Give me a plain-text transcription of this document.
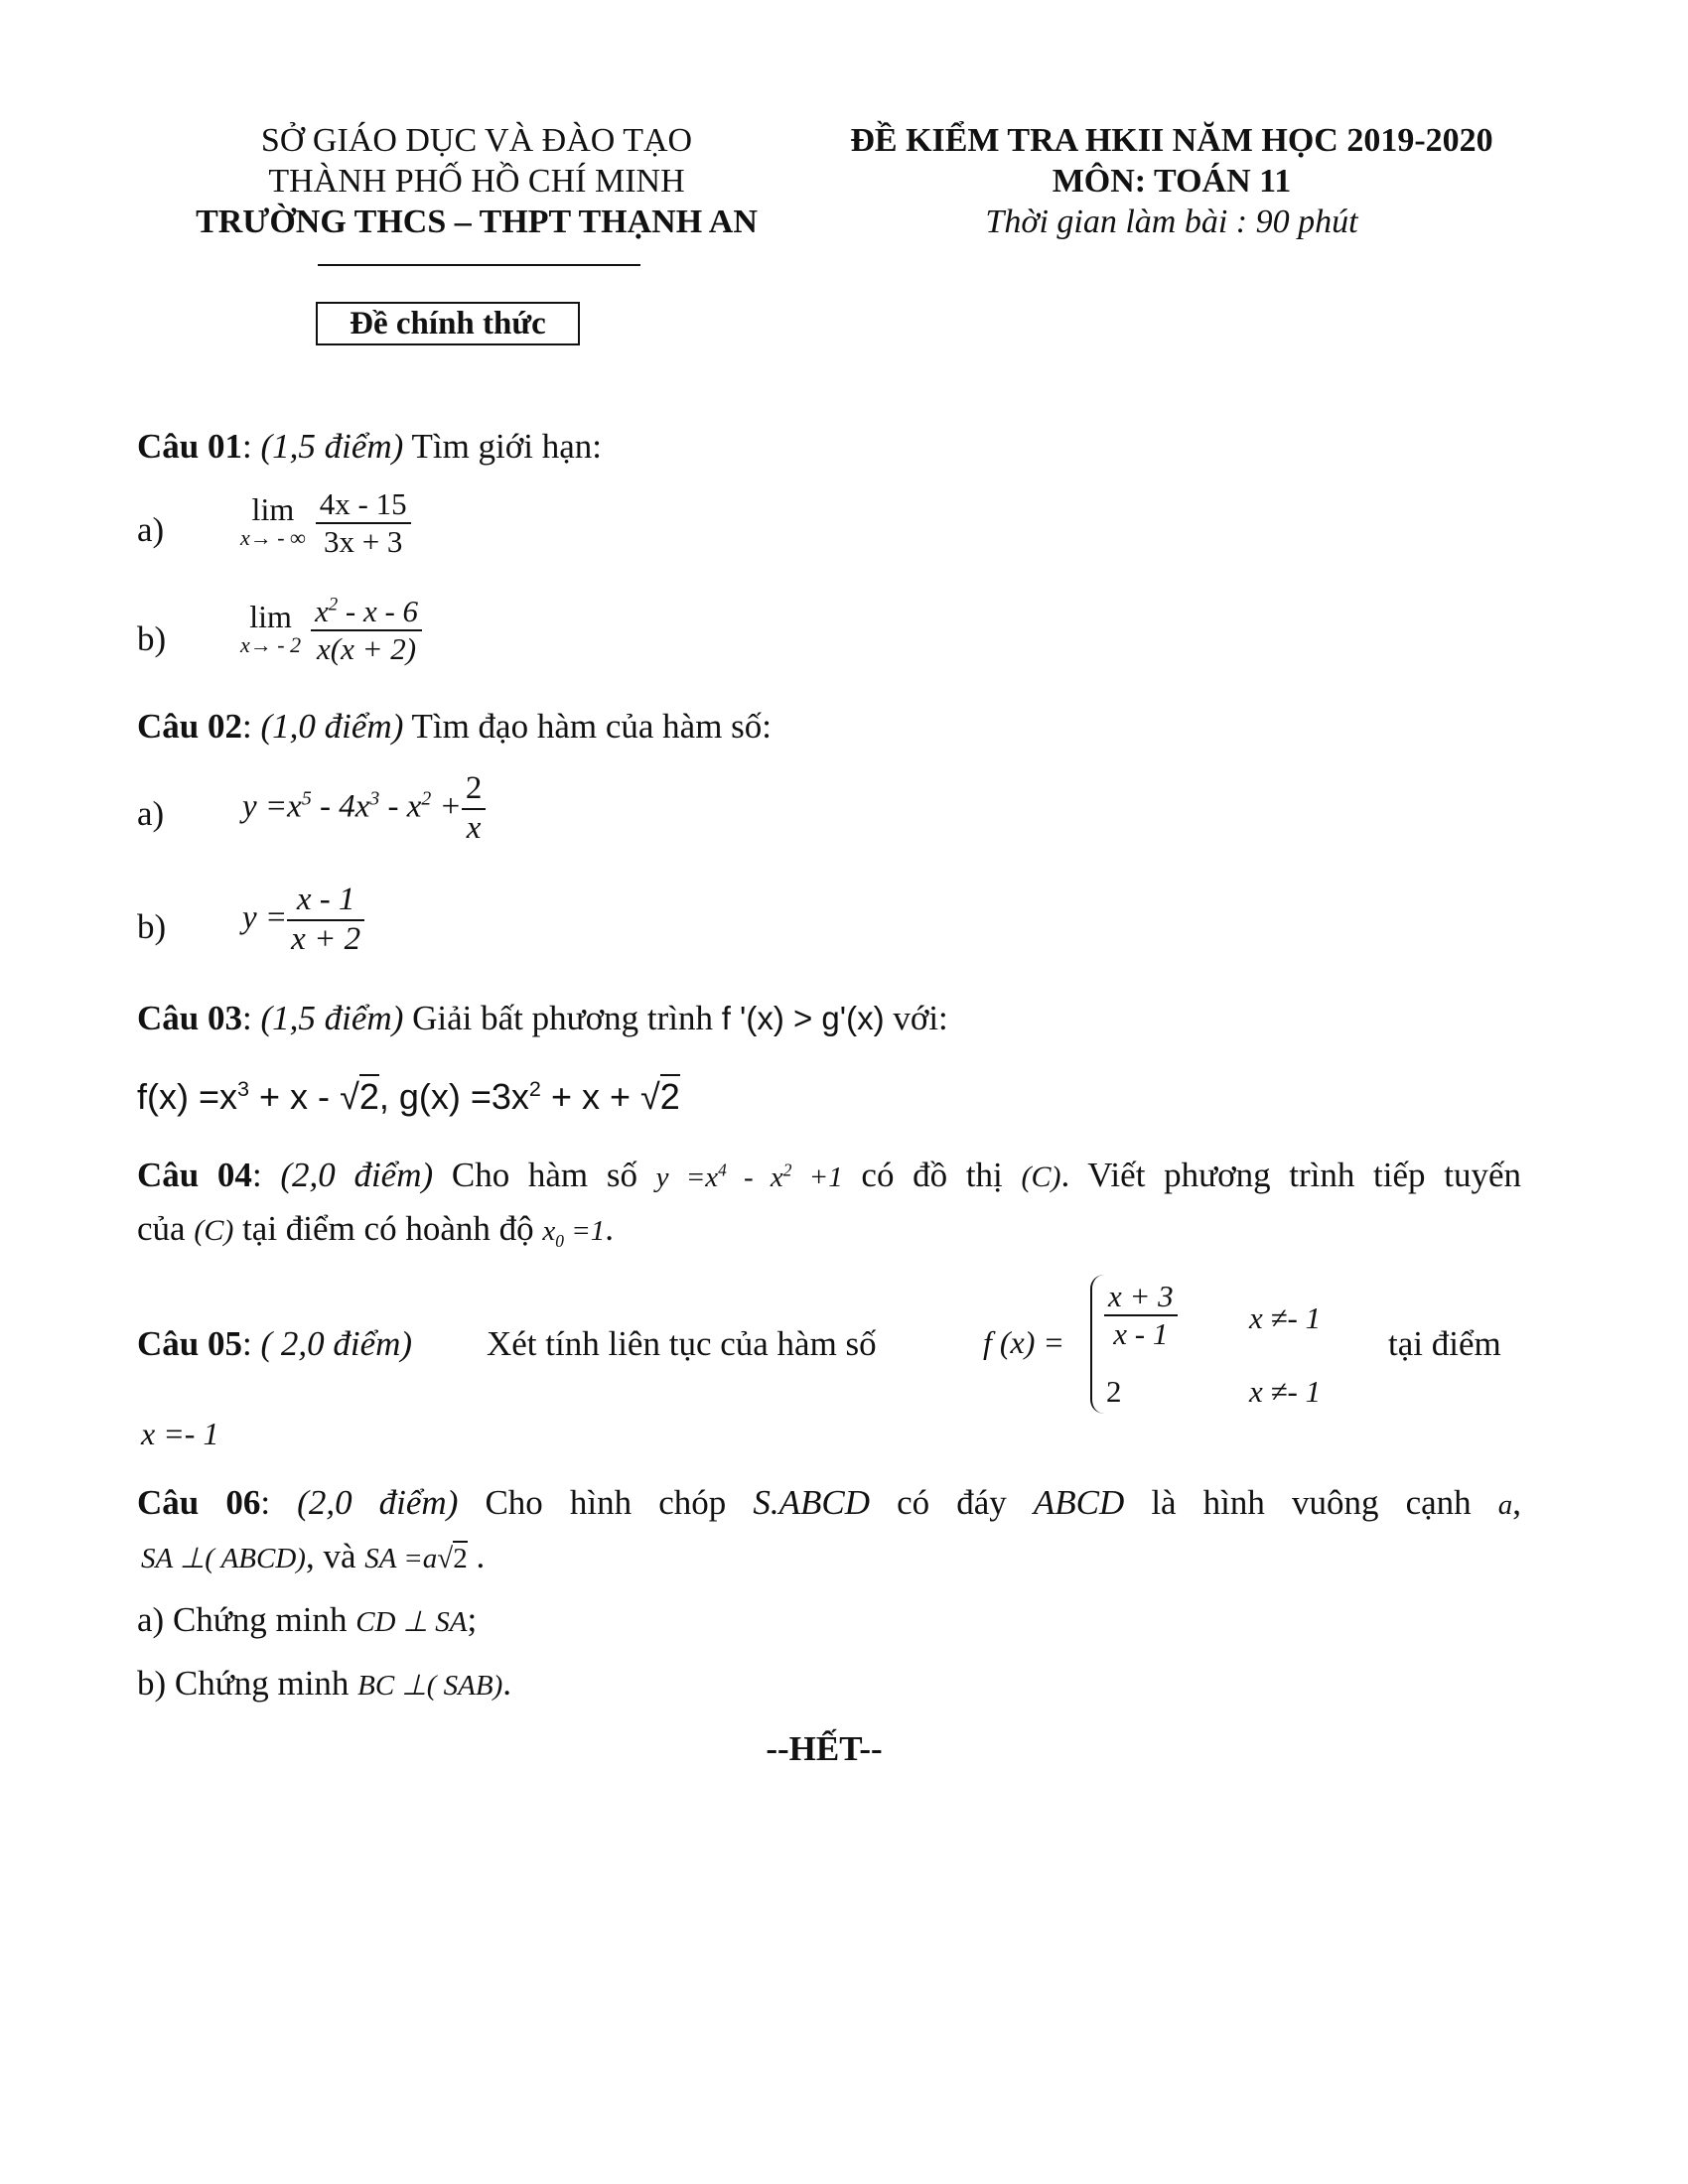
SỞ GIÁO DỤC VÀ ĐÀO TẠO
THÀNH PHỐ HỒ CHÍ MINH
TRƯỜNG THCS – THPT THẠNH AN
Đề chính thức
ĐỀ KIỂM TRA HKII NĂM HỌC 2019-2020
MÔN: TOÁN 11
Thời gian làm bài : 90 phút
Câu 01: (1,5 điểm) Tìm giới hạn:
a)
lim
x→ - ∞ $\frac{4x - 15}{3x + 3}$
b)
lim
$x\to - 2 \frac{x^2 - x - 6}{x(x + 2)}$
Câu 02: (1,0 điểm) Tìm đạo hàm của hàm số:
a) $y =x^5 - 4x^3 - x^2 + \frac{2}{x}$
b) $y = \frac{x - 1}{x + 2}$
Câu 03: (1,5 điểm) Giải bất phương trình f '(x) > g'(x) với:
$f(x) =x^3 + x - √2$, $g(x) =3x^2 + x + √2$
Câu 04: (2,0 điểm) Cho hàm số $y =x^4 - x^2 +1$ có đồ thị (C). Viết phương trình tiếp tuyến
của (C) tại điểm có hoành độ $x_0 =1$.
Câu 05: ( 2,0 điểm) Xét tính liên tục của hàm số	f $(x) = \frac{x + 3}{x - 1}$ x ≠- 1
2	x ≠- 1
tại điểm
x =- 1
Câu 06: (2,0 điểm) Cho hình chóp S.ABCD có đáy ABCD là hình vuông cạnh a,
SA ⊥( ABCD), và SA =a√2 .
a) Chứng minh CD ⊥ SA;
b) Chứng minh BC ⊥( SAB).
--HẾT--
